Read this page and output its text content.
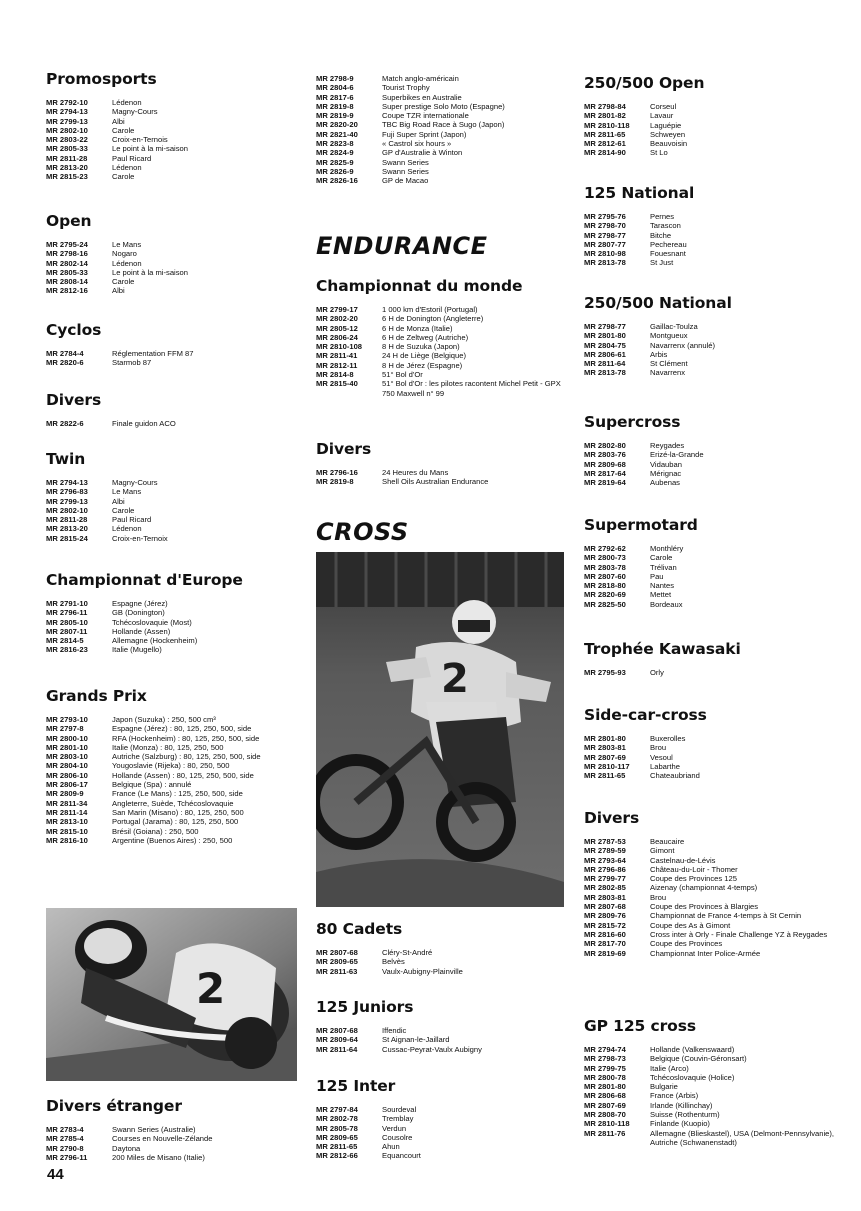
Promosports
MR 2792-10	Lédenon
MR 2794-13	Magny-Cours
MR 2799-13	Albi
MR 2802-10	Carole
MR 2803-22	Croix-en-Ternois
MR 2805-33	Le point à la mi-saison
MR 2811-28	Paul Ricard
MR 2813-20	Lédenon
MR 2815-23	Carole
Open
MR 2795-24	Le Mans
MR 2798-16	Nogaro
MR 2802-14	Lédenon
MR 2805-33	Le point à la mi-saison
MR 2808-14	Carole
MR 2812-16	Albi
Cyclos
MR 2784-4	Réglementation FFM 87
MR 2820-6	Starmob 87
Divers
MR 2822-6	Finale guidon ACO
Twin
MR 2794-13	Magny-Cours
MR 2796-83	Le Mans
MR 2799-13	Albi
MR 2802-10	Carole
MR 2811-28	Paul Ricard
MR 2813-20	Lédenon
MR 2815-24	Croix-en-Ternoix
Championnat d'Europe
MR 2791-10	Espagne (Jérez)
MR 2796-11	GB (Donington)
MR 2805-10	Tchécoslovaquie (Most)
MR 2807-11	Hollande (Assen)
MR 2814-5	Allemagne (Hockenheim)
MR 2816-23	Italie (Mugello)
Grands Prix
MR 2793-10	Japon (Suzuka) : 250, 500 cm³
MR 2797-8	Espagne (Jérez) : 80, 125, 250, 500, side
MR 2800-10	RFA (Hockenheim) : 80, 125, 250, 500, side
MR 2801-10	Italie (Monza) : 80, 125, 250, 500
MR 2803-10	Autriche (Salzburg) : 80, 125, 250, 500, side
MR 2804-10	Yougoslavie (Rijeka) : 80, 250, 500
MR 2806-10	Hollande (Assen) : 80, 125, 250, 500, side
MR 2806-17	Belgique (Spa) : annulé
MR 2809-9	France (Le Mans) : 125, 250, 500, side
MR 2811-34	Angleterre, Suède, Tchécoslovaquie
MR 2811-14	San Marin (Misano) : 80, 125, 250, 500
MR 2813-10	Portugal (Jarama) : 80, 125, 250, 500
MR 2815-10	Brésil (Goiana) : 250, 500
MR 2816-10	Argentine (Buenos Aires) : 250, 500
2
Divers étranger
MR 2783-4	Swann Series (Australie)
MR 2785-4	Courses en Nouvelle-Zélande
MR 2790-8	Daytona
MR 2796-11	200 Miles de Misano (Italie)
MR 2798-9	Match anglo-américain
MR 2804-6	Tourist Trophy
MR 2817-6	Superbikes en Australie
MR 2819-8	Super prestige Solo Moto (Espagne)
MR 2819-9	Coupe TZR internationale
MR 2820-20	TBC Big Road Race à Sugo (Japon)
MR 2821-40	Fuji Super Sprint (Japon)
MR 2823-8	« Castrol six hours »
MR 2824-9	GP d'Australie à Winton
MR 2825-9	Swann Series
MR 2826-9	Swann Series
MR 2826-16	GP de Macao
ENDURANCE
Championnat du monde
MR 2799-17	1 000 km d'Estoril (Portugal)
MR 2802-20	6 H de Donington (Angleterre)
MR 2805-12	6 H de Monza (Italie)
MR 2806-24	6 H de Zeltweg (Autriche)
MR 2810-108	8 H de Suzuka (Japon)
MR 2811-41	24 H de Liège (Belgique)
MR 2812-11	8 H de Jérez (Espagne)
MR 2814-8	51° Bol d'Or
MR 2815-40	51° Bol d'Or : les pilotes racontent Michel Petit - GPX 750 Maxwell n° 99
Divers
MR 2796-16	24 Heures du Mans
MR 2819-8	Shell Oils Australian Endurance
CROSS
2
80 Cadets
MR 2807-68	Cléry-St-André
MR 2809-65	Belvès
MR 2811-63	Vaulx-Aubigny-Plainville
125 Juniors
MR 2807-68	Iffendic
MR 2809-64	St Aignan-le-Jaillard
MR 2811-64	Cussac-Peyrat-Vaulx Aubigny
125 Inter
MR 2797-84	Sourdeval
MR 2802-78	Tremblay
MR 2805-78	Verdun
MR 2809-65	Cousolre
MR 2811-65	Ahun
MR 2812-66	Equancourt
250/500 Open
MR 2798-84	Corseul
MR 2801-82	Lavaur
MR 2810-118	Laguépie
MR 2811-65	Schweyen
MR 2812-61	Beauvoisin
MR 2814-90	St Lo
125 National
MR 2795-76	Pernes
MR 2798-70	Tarascon
MR 2798-77	Bitche
MR 2807-77	Pechereau
MR 2810-98	Fouesnant
MR 2813-78	St Just
250/500 National
MR 2798-77	Gaillac-Toulza
MR 2801-80	Montgueux
MR 2804-75	Navarrenx (annulé)
MR 2806-61	Arbis
MR 2811-64	St Clément
MR 2813-78	Navarrenx
Supercross
MR 2802-80	Reygades
MR 2803-76	Erizé-la-Grande
MR 2809-68	Vidauban
MR 2817-64	Mérignac
MR 2819-64	Aubenas
Supermotard
MR 2792-62	Monthléry
MR 2800-73	Carole
MR 2803-78	Trélivan
MR 2807-60	Pau
MR 2818-80	Nantes
MR 2820-69	Mettet
MR 2825-50	Bordeaux
Trophée Kawasaki
MR 2795-93	Orly
Side-car-cross
MR 2801-80	Buxerolles
MR 2803-81	Brou
MR 2807-69	Vesoul
MR 2810-117	Labarthe
MR 2811-65	Chateaubriand
Divers
MR 2787-53	Beaucaire
MR 2789-59	Gimont
MR 2793-64	Castelnau-de-Lévis
MR 2796-86	Château-du-Loir - Thomer
MR 2799-77	Coupe des Provinces 125
MR 2802-85	Aizenay (championnat 4-temps)
MR 2803-81	Brou
MR 2807-68	Coupe des Provinces à Blargies
MR 2809-76	Championnat de France 4-temps à St Cernin
MR 2815-72	Coupe des As à Gimont
MR 2816-60	Cross inter à Orly - Finale Challenge YZ à Reygades
MR 2817-70	Coupe des Provinces
MR 2819-69	Championnat Inter Police-Armée
GP 125 cross
MR 2794-74	Hollande (Valkenswaard)
MR 2798-73	Belgique (Couvin-Géronsart)
MR 2799-75	Italie (Arco)
MR 2800-78	Tchécoslovaquie (Holice)
MR 2801-80	Bulgarie
MR 2806-68	France (Arbis)
MR 2807-69	Irlande (Killinchay)
MR 2808-70	Suisse (Rothenturm)
MR 2810-118	Finlande (Kuopio)
MR 2811-76	Allemagne (Blieskastel), USA (Delmont-Pennsylvanie), Autriche (Schwanenstadt)
44
